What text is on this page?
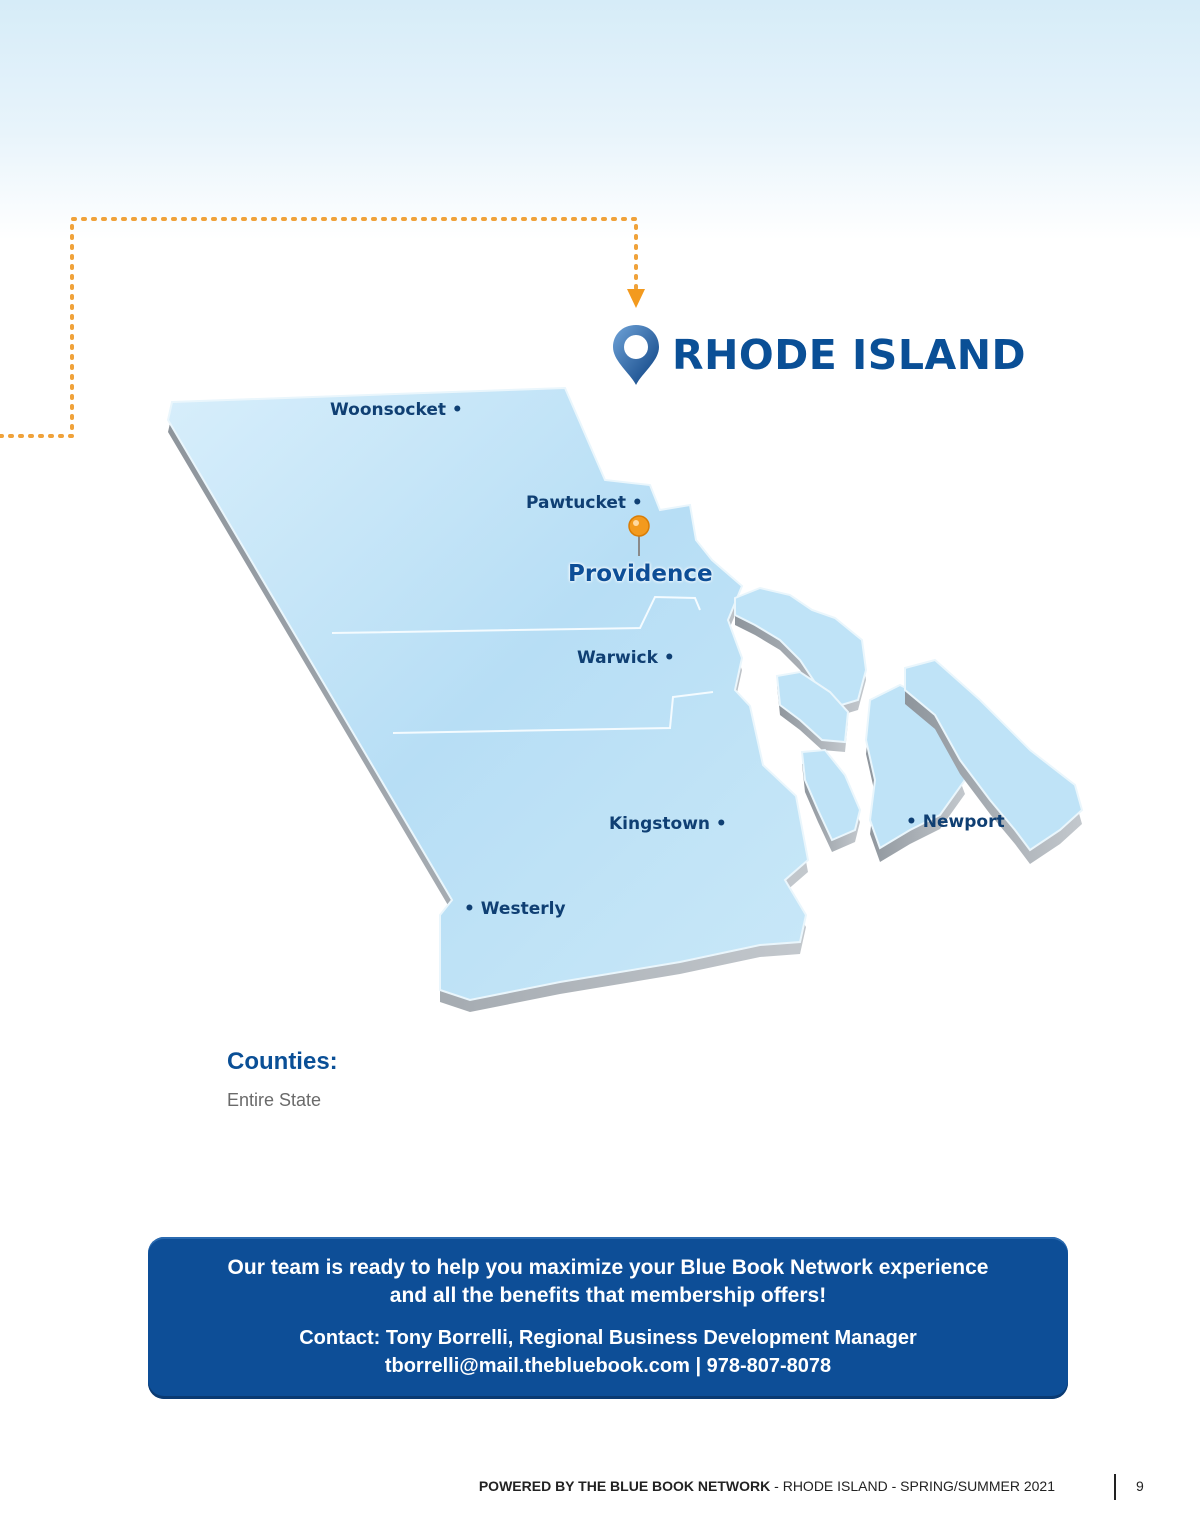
RHODE ISLAND
Woonsocket •
Pawtucket •
Providence
Warwick •
Kingstown •
• Westerly
• Newport
Counties:
Entire State

Our team is ready to help you maximize your Blue Book Network experience

and all the benefits that membership offers!

Contact: Tony Borrelli, Regional Business Development Manager

tborrelli@mail.thebluebook.com | 978-807-8078

POWERED BY THE BLUE BOOK NETWORK - RHODE ISLAND - SPRING/SUMMER 2021	9
